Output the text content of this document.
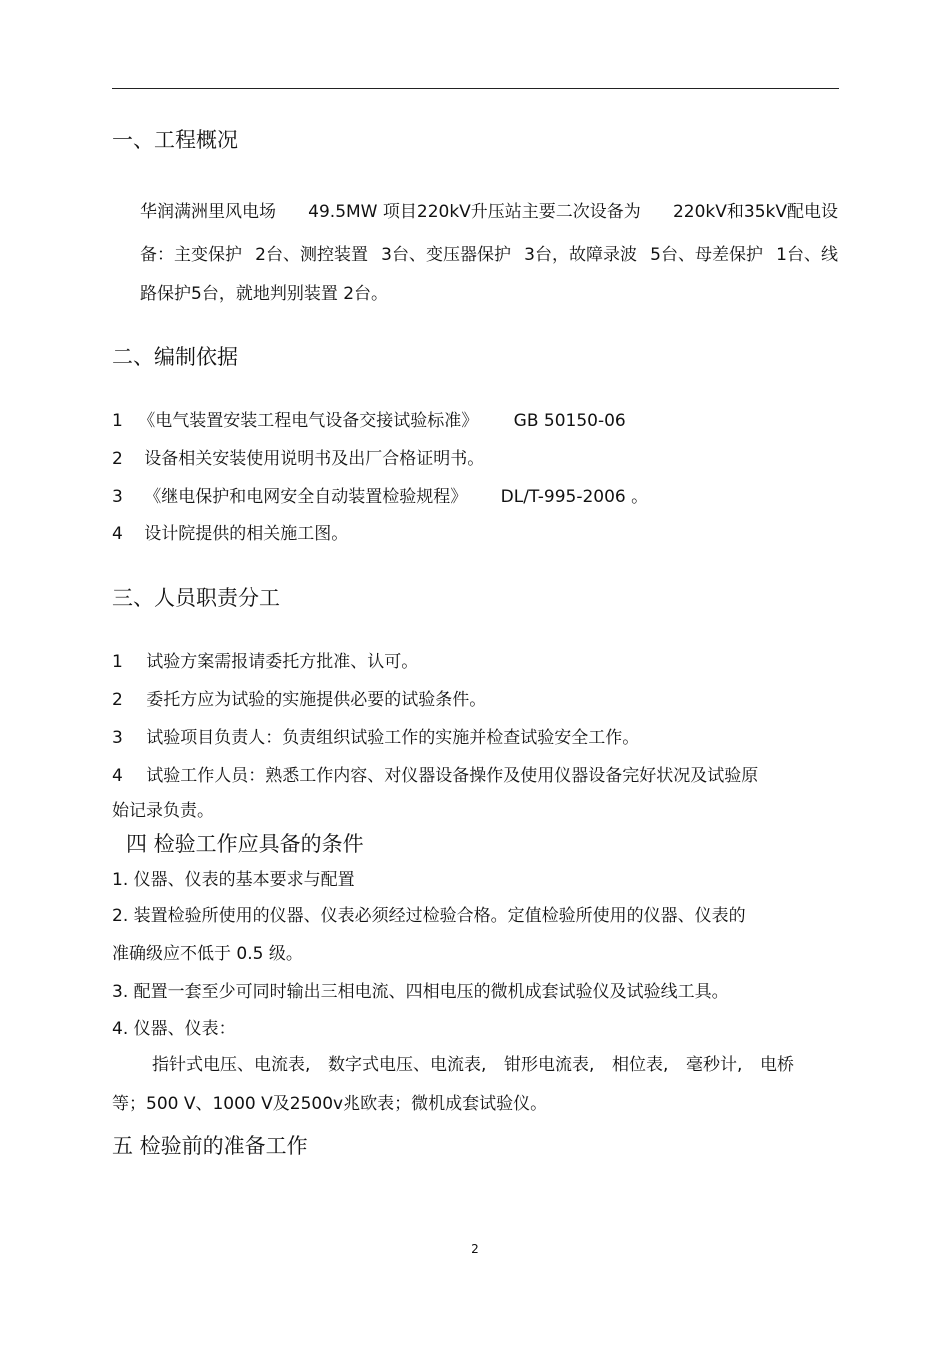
一、工程概况
华润满洲里风电场 49.5MW 项目220kV升压站主要二次设备为 220kV和35kV配电设
备：主变保护 2台、测控装置 3台、变压器保护 3台，故障录波 5台、母差保护 1台、线
路保护5台，就地判别装置 2台。
二、编制依据
1 《电气装置安装工程电气设备交接试验标准》 GB 50150-06
2 设备相关安装使用说明书及出厂合格证明书。
3 《继电保护和电网安全自动装置检验规程》 DL/T-995-2006 。
4 设计院提供的相关施工图。
三、人员职责分工
1 试验方案需报请委托方批准、认可。
2 委托方应为试验的实施提供必要的试验条件。
3 试验项目负责人：负责组织试验工作的实施并检查试验安全工作。
4 试验工作人员：熟悉工作内容、对仪器设备操作及使用仪器设备完好状况及试验原
始记录负责。
四 检验工作应具备的条件
1. 仪器、仪表的基本要求与配置
2. 装置检验所使用的仪器、仪表必须经过检验合格。定值检验所使用的仪器、仪表的
准确级应不低于 0.5 级。
3. 配置一套至少可同时输出三相电流、四相电压的微机成套试验仪及试验线工具。
4. 仪器、仪表：
指针式电压、电流表, 数字式电压、电流表, 钳形电流表, 相位表, 毫秒计, 电桥
等；500 V、1000 V及2500v兆欧表；微机成套试验仪。
五 检验前的准备工作
2
